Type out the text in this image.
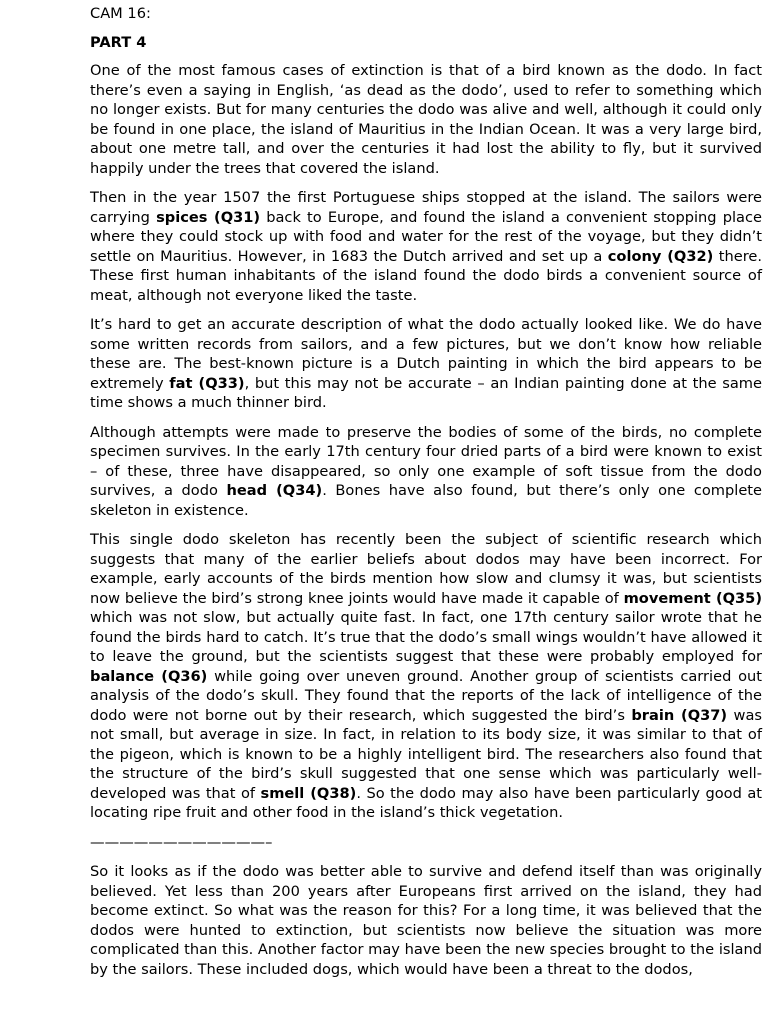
CAM 16:
PART 4

One of the most famous cases of extinction is that of a bird known as the dodo. In fact there’s even a saying in English, ‘as dead as the dodo’, used to refer to something which no longer exists. But for many centuries the dodo was alive and well, although it could only be found in one place, the island of Mauritius in the Indian Ocean. It was a very large bird, about one metre tall, and over the centuries it had lost the ability to fly, but it survived happily under the trees that covered the island.

Then in the year 1507 the first Portuguese ships stopped at the island. The sailors were carrying spices (Q31) back to Europe, and found the island a convenient stopping place where they could stock up with food and water for the rest of the voyage, but they didn’t settle on Mauritius. However, in 1683 the Dutch arrived and set up a colony (Q32) there. These first human inhabitants of the island found the dodo birds a convenient source of meat, although not everyone liked the taste.

It’s hard to get an accurate description of what the dodo actually looked like. We do have some written records from sailors, and a few pictures, but we don’t know how reliable these are. The best-known picture is a Dutch painting in which the bird appears to be extremely fat (Q33), but this may not be accurate – an Indian painting done at the same time shows a much thinner bird.

Although attempts were made to preserve the bodies of some of the birds, no complete specimen survives. In the early 17th century four dried parts of a bird were known to exist – of these, three have disappeared, so only one example of soft tissue from the dodo survives, a dodo head (Q34). Bones have also found, but there’s only one complete skeleton in existence.

This single dodo skeleton has recently been the subject of scientific research which suggests that many of the earlier beliefs about dodos may have been incorrect. For example, early accounts of the birds mention how slow and clumsy it was, but scientists now believe the bird’s strong knee joints would have made it capable of movement (Q35) which was not slow, but actually quite fast. In fact, one 17th century sailor wrote that he found the birds hard to catch. It’s true that the dodo’s small wings wouldn’t have allowed it to leave the ground, but the scientists suggest that these were probably employed for balance (Q36) while going over uneven ground. Another group of scientists carried out analysis of the dodo’s skull. They found that the reports of the lack of intelligence of the dodo were not borne out by their research, which suggested the bird’s brain (Q37) was not small, but average in size. In fact, in relation to its body size, it was similar to that of the pigeon, which is known to be a highly intelligent bird. The researchers also found that the structure of the bird’s skull suggested that one sense which was particularly well-developed was that of smell (Q38). So the dodo may also have been particularly good at locating ripe fruit and other food in the island’s thick vegetation.

————————————–

So it looks as if the dodo was better able to survive and defend itself than was originally believed. Yet less than 200 years after Europeans first arrived on the island, they had become extinct. So what was the reason for this? For a long time, it was believed that the dodos were hunted to extinction, but scientists now believe the situation was more complicated than this. Another factor may have been the new species brought to the island by the sailors. These included dogs, which would have been a threat to the dodos,
